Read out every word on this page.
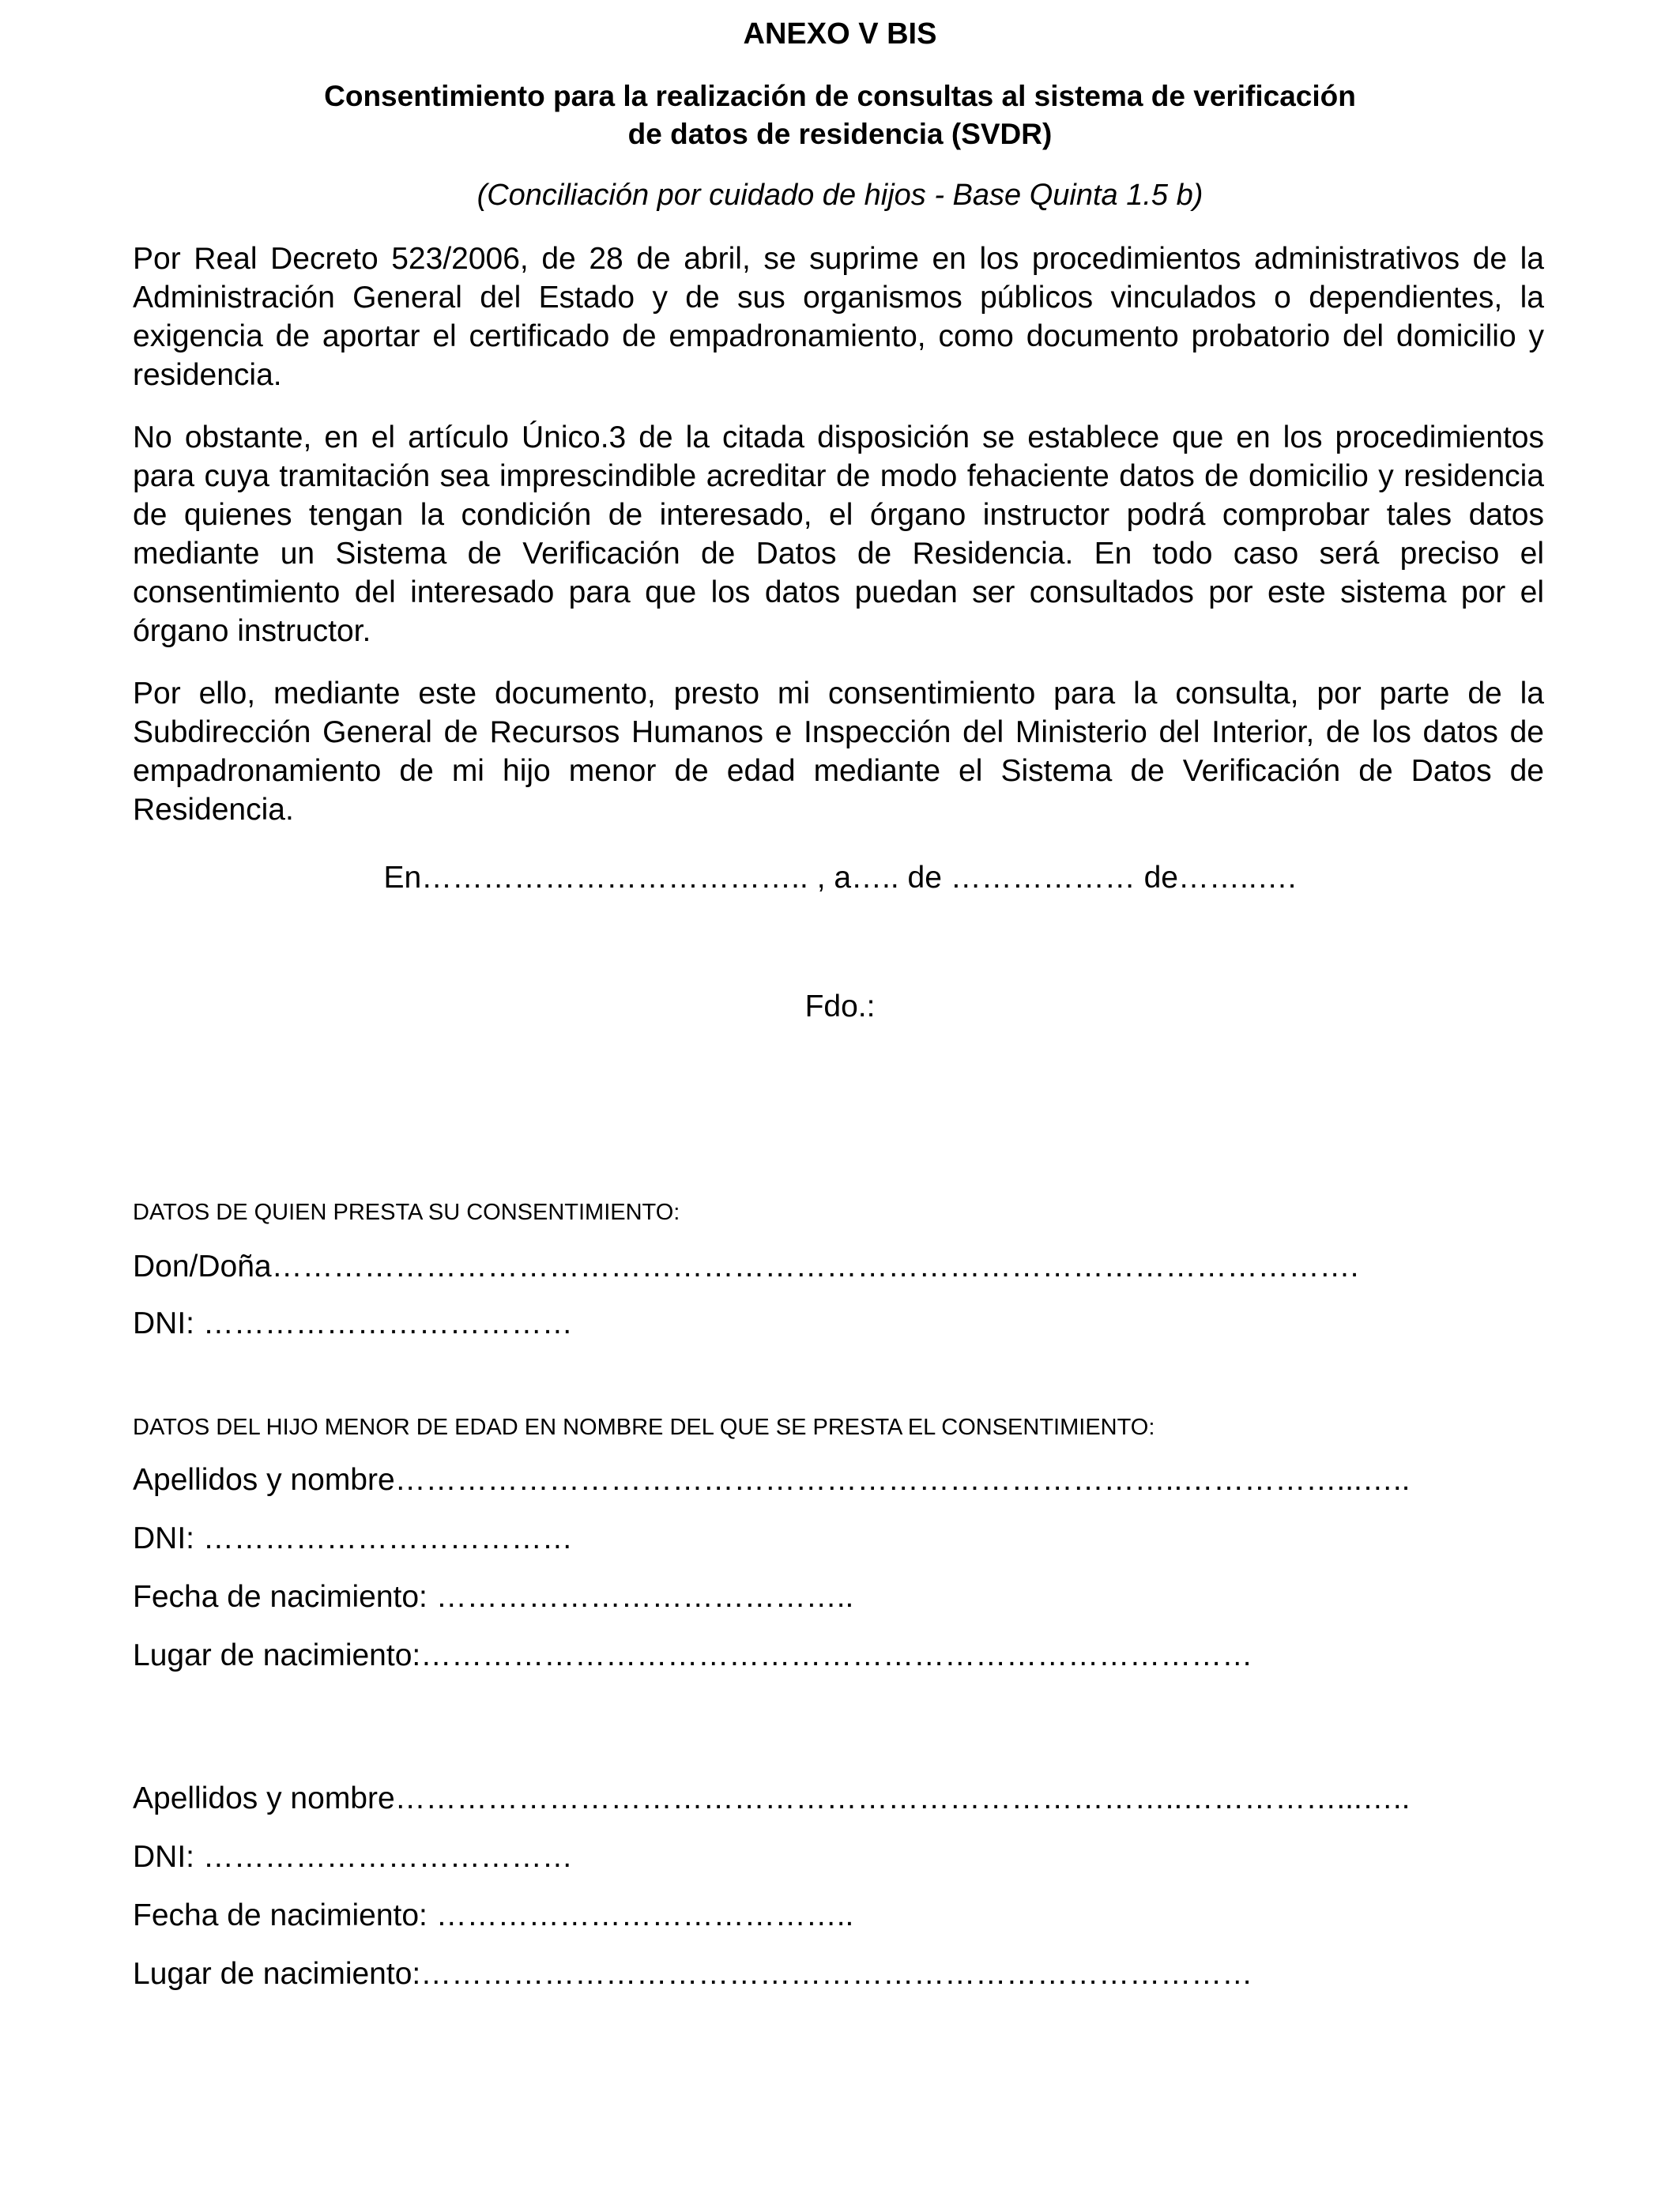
ANEXO V BIS

Consentimiento para la realización de consultas al sistema de verificación
de datos de residencia (SVDR)

(Conciliación por cuidado de hijos - Base Quinta 1.5 b)

Por Real Decreto 523/2006, de 28 de abril, se suprime en los procedimientos administrativos de la Administración General del Estado y de sus organismos públicos vinculados o dependientes, la exigencia de aportar el certificado de empadronamiento, como documento probatorio del domicilio y residencia.

No obstante, en el artículo Único.3 de la citada disposición se establece que en los procedimientos para cuya tramitación sea imprescindible acreditar de modo fehaciente datos de domicilio y residencia de quienes tengan la condición de interesado, el órgano instructor podrá comprobar tales datos mediante un Sistema de Verificación de Datos de Residencia. En todo caso será preciso el consentimiento del interesado para que los datos puedan ser consultados por este sistema por el órgano instructor.

Por ello, mediante este documento, presto mi consentimiento para la consulta, por parte de la Subdirección General de Recursos Humanos e Inspección del Ministerio del Interior, de los datos de empadronamiento de mi hijo menor de edad mediante el Sistema de Verificación de Datos de Residencia.

En……………………………….. , a….. de ……………… de……..….

Fdo.:

DATOS DE QUIEN PRESTA SU CONSENTIMIENTO:

Don/Doña…………………………………………………………………………………………….

DNI: ………………………………

DATOS DEL HIJO MENOR DE EDAD EN NOMBRE DEL QUE SE PRESTA EL CONSENTIMIENTO:

Apellidos y nombre…………………………………………………………………..……………...…..

DNI: ………………………………

Fecha de nacimiento: …………………………………..

Lugar de nacimiento:………………………………………………………………………

Apellidos y nombre…………………………………………………………………..……………...…..

DNI: ………………………………

Fecha de nacimiento: …………………………………..

Lugar de nacimiento:………………………………………………………………………
